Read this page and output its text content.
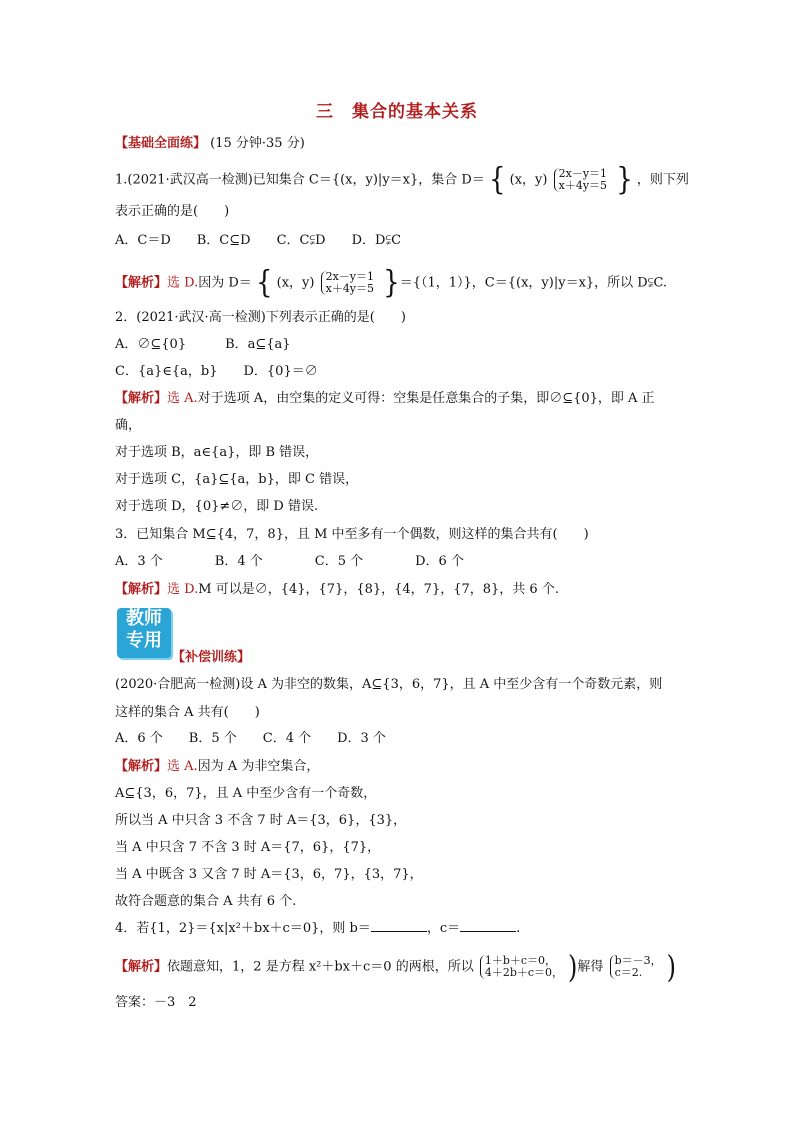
三　集合的基本关系
【基础全面练】 (15 分钟·35 分)
1.(2021·武汉高一检测)已知集合 C＝{(x，y)|y＝x}，集合 D＝ { (x，y) 2x－y＝1
x＋4y＝5 } ，则下列
表示正确的是(　　)
A．C＝D　　B．C⊆D　　C．C⫋D　　D．D⫋C
【解析】选 D.因为 D＝ { (x，y) 2x－y＝1
x＋4y＝5 }＝{（1，1）}，C＝{(x，y)|y＝x}，所以 D⫋C.
2．(2021·武汉·高一检测)下列表示正确的是(　　)
A．∅⊆{0}　　　B．a⊆{a}
C．{a}∈{a，b}　　D．{0}＝∅
【解析】选 A.对于选项 A，由空集的定义可得：空集是任意集合的子集，即∅⊆{0}，即 A 正
确，
对于选项 B，a∈{a}，即 B 错误，
对于选项 C，{a}⊆{a，b}，即 C 错误，
对于选项 D，{0}≠∅，即 D 错误.
3．已知集合 M⊆{4，7，8}，且 M 中至多有一个偶数，则这样的集合共有(　　)
A．3 个　　　　B．4 个　　　　C．5 个　　　　D．6 个
【解析】选 D.M 可以是∅，{4}，{7}，{8}，{4，7}，{7，8}，共 6 个.
教师
专用
【补偿训练】
(2020·合肥高一检测)设 A 为非空的数集，A⊆{3，6，7}，且 A 中至少含有一个奇数元素，则
这样的集合 A 共有(　　)
A．6 个　　B．5 个　　C．4 个　　D．3 个
【解析】选 A.因为 A 为非空集合，
A⊆{3，6，7}，且 A 中至少含有一个奇数，
所以当 A 中只含 3 不含 7 时 A＝{3，6}，{3}，
当 A 中只含 7 不含 3 时 A＝{7，6}，{7}，
当 A 中既含 3 又含 7 时 A＝{3，6，7}，{3，7}，
故符合题意的集合 A 共有 6 个.
4．若{1，2}＝{x|x²＋bx＋c＝0}，则 b＝	，c＝	.
【解析】依题意知，1，2 是方程 x²＋bx＋c＝0 的两根，所以 1＋b＋c＝0，
4＋2b＋c＝0， )解得 b＝－3，
c＝2.	)
答案：－3　2
